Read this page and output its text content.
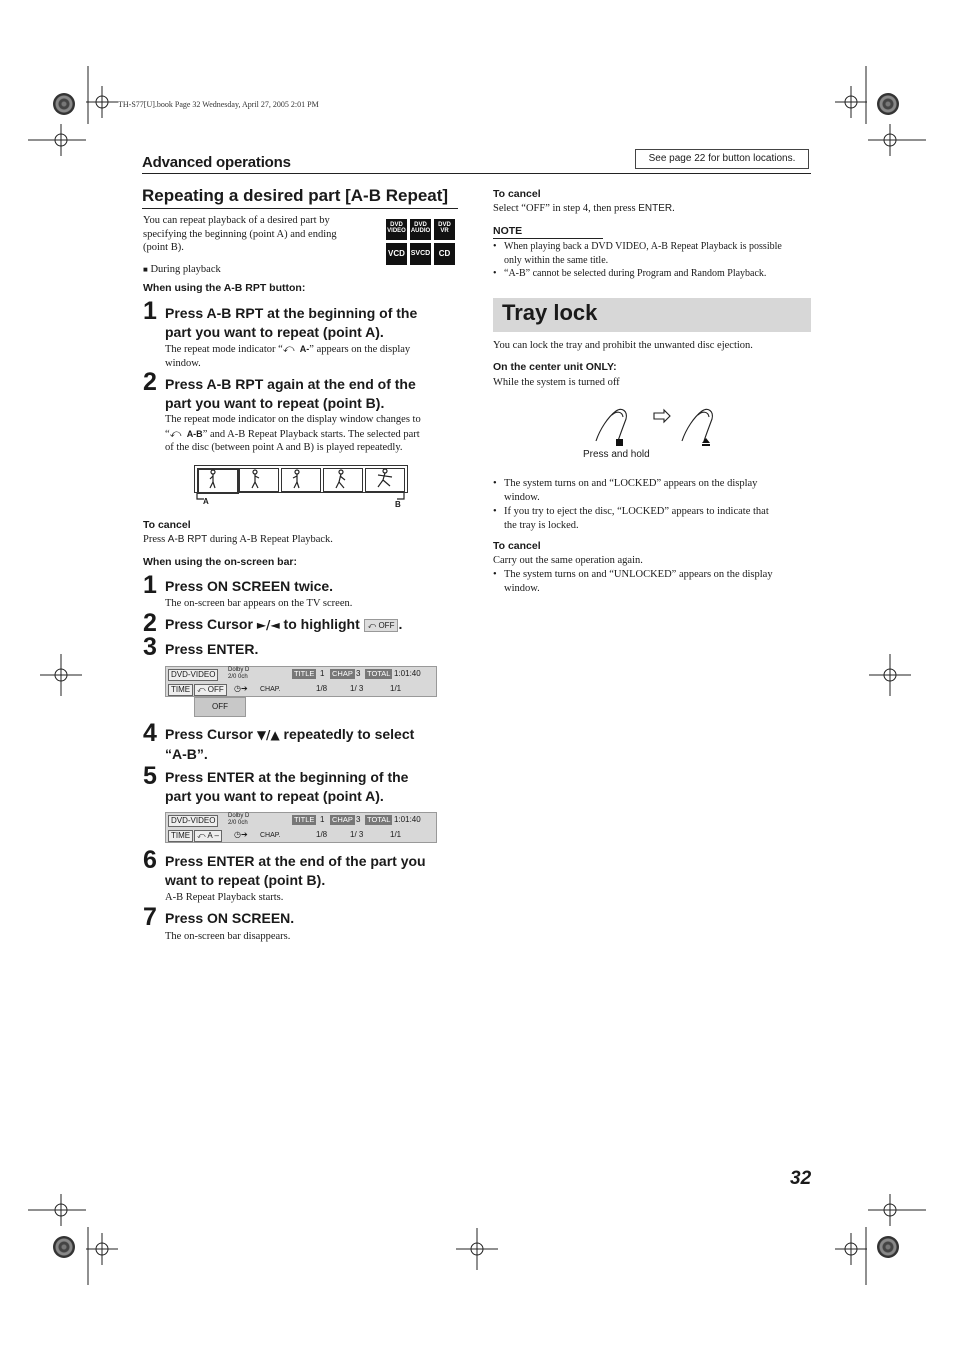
TH-S77[U].book Page 32 Wednesday, April 27, 2005 2:01 PM
Advanced operations	See page 22 for button locations.
Repeating a desired part [A-B Repeat]
You can repeat playback of a desired part by
specifying the beginning (point A) and ending
(point B).
DVD
VIDEO
DVD
AUDIO
DVD
VR
VCD SVCD	CD
■ During playback
When using the A-B RPT button:
1 Press A-B RPT at the beginning of the
part you want to repeat (point A).
The repeat mode indicator “⤺ A-” appears on the display
window.
2 Press A-B RPT again at the end of the
part you want to repeat (point B).
The repeat mode indicator on the display window changes to
“⤺ A-B” and A-B Repeat Playback starts. The selected part
of the disc (between point A and B) is played repeatedly.
A	B
To cancel
Press A-B RPT during A-B Repeat Playback.
When using the on-screen bar:
1 Press ON SCREEN twice.
The on-screen bar appears on the TV screen.
2 Press Cursor ►/◄ to highlight ⤺ OFF .
3 Press ENTER.
DVD-VIDEO	Dolby D
2/0 0ch	TITLE 1 CHAP 3 TOTAL 1:01:40
TIME ⤺ OFF	◷➔ CHAP.	1/8	1/ 3	1/1
OFF
4 Press Cursor ▼/▲ repeatedly to select
“A-B”.
5 Press ENTER at the beginning of the
part you want to repeat (point A).
DVD-VIDEO	Dolby D
2/0 0ch	TITLE 1 CHAP 3 TOTAL 1:01:40
TIME ⤺ A –	◷➔ CHAP.	1/8	1/ 3	1/1
6 Press ENTER at the end of the part you
want to repeat (point B).
A-B Repeat Playback starts.
7 Press ON SCREEN.
The on-screen bar disappears.
To cancel
Select “OFF” in step 4, then press ENTER.
NOTE
• When playing back a DVD VIDEO, A-B Repeat Playback is possible
only within the same title.
• “A-B” cannot be selected during Program and Random Playback.
Tray lock
You can lock the tray and prohibit the unwanted disc ejection.
On the center unit ONLY:
While the system is turned off
Press and hold
• The system turns on and “LOCKED” appears on the display
window.
• If you try to eject the disc, “LOCKED” appears to indicate that
the tray is locked.
To cancel
Carry out the same operation again.
• The system turns on and “UNLOCKED” appears on the display
window.
32
